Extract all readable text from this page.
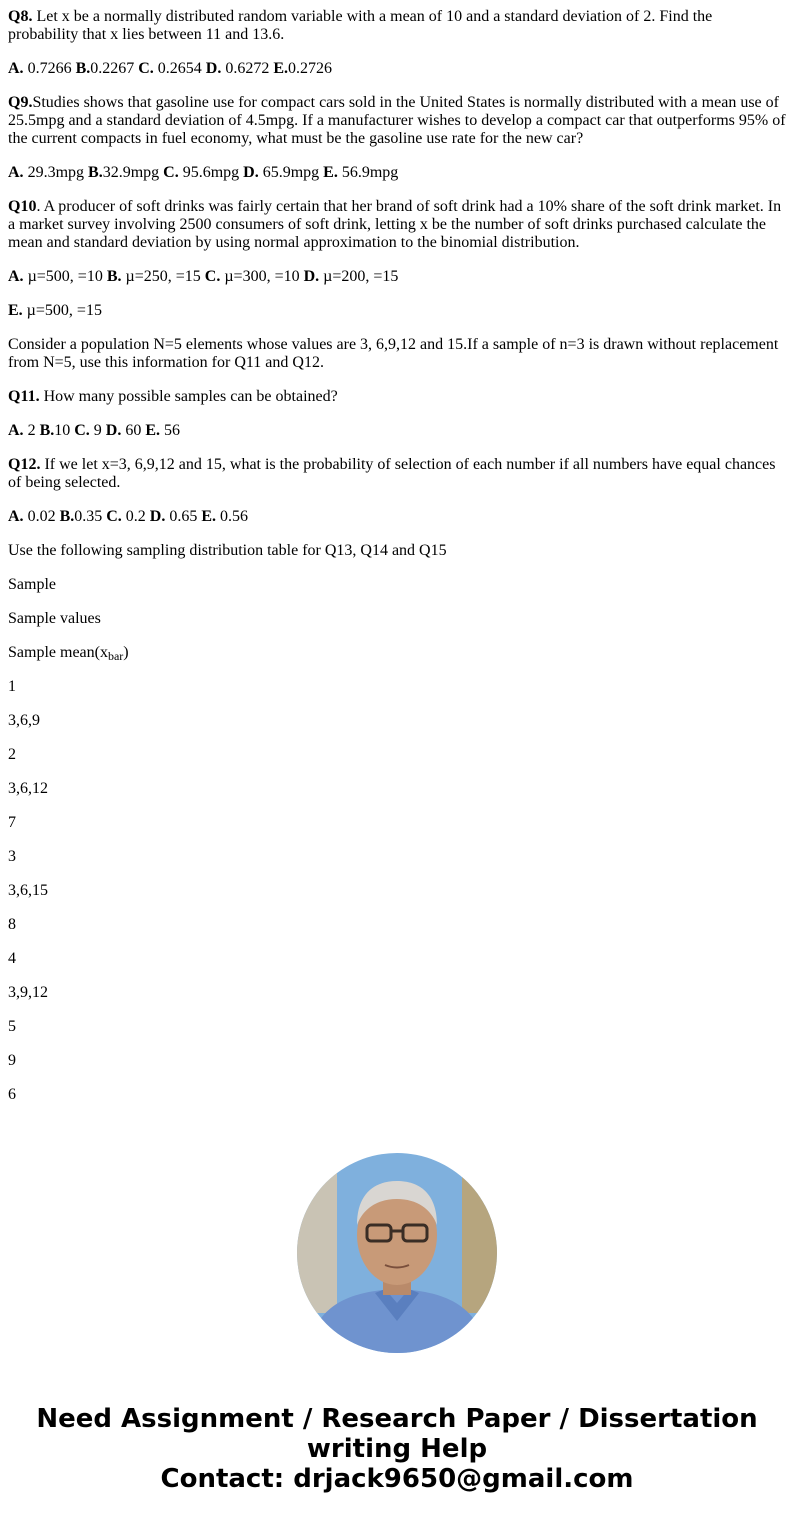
Q8. Let x be a normally distributed random variable with a mean of 10 and a standard deviation of 2. Find the probability that x lies between 11 and 13.6.

A. 0.7266 B.0.2267 C. 0.2654 D. 0.6272 E.0.2726

Q9.Studies shows that gasoline use for compact cars sold in the United States is normally distributed with a mean use of 25.5mpg and a standard deviation of 4.5mpg. If a manufacturer wishes to develop a compact car that outperforms 95% of the current compacts in fuel economy, what must be the gasoline use rate for the new car?

A. 29.3mpg B.32.9mpg C. 95.6mpg D. 65.9mpg E. 56.9mpg

Q10. A producer of soft drinks was fairly certain that her brand of soft drink had a 10% share of the soft drink market. In a market survey involving 2500 consumers of soft drink, letting x be the number of soft drinks purchased calculate the mean and standard deviation by using normal approximation to the binomial distribution.

A. µ=500, =10 B. µ=250, =15 C. µ=300, =10 D. µ=200, =15

E. µ=500, =15

Consider a population N=5 elements whose values are 3, 6,9,12 and 15.If a sample of n=3 is drawn without replacement from N=5, use this information for Q11 and Q12.

Q11. How many possible samples can be obtained?

A. 2 B.10 C. 9 D. 60 E. 56

Q12. If we let x=3, 6,9,12 and 15, what is the probability of selection of each number if all numbers have equal chances of being selected.

A. 0.02 B.0.35 C. 0.2 D. 0.65 E. 0.56

Use the following sampling distribution table for Q13, Q14 and Q15

Sample

Sample values

Sample $mean(x_{bar})$

1

3,6,9

2

3,6,12

7

3

3,6,15

8

4

3,9,12

5

9

6

Need Assignment / Research Paper / Dissertation
writing Help
Contact: drjack9650@gmail.com
